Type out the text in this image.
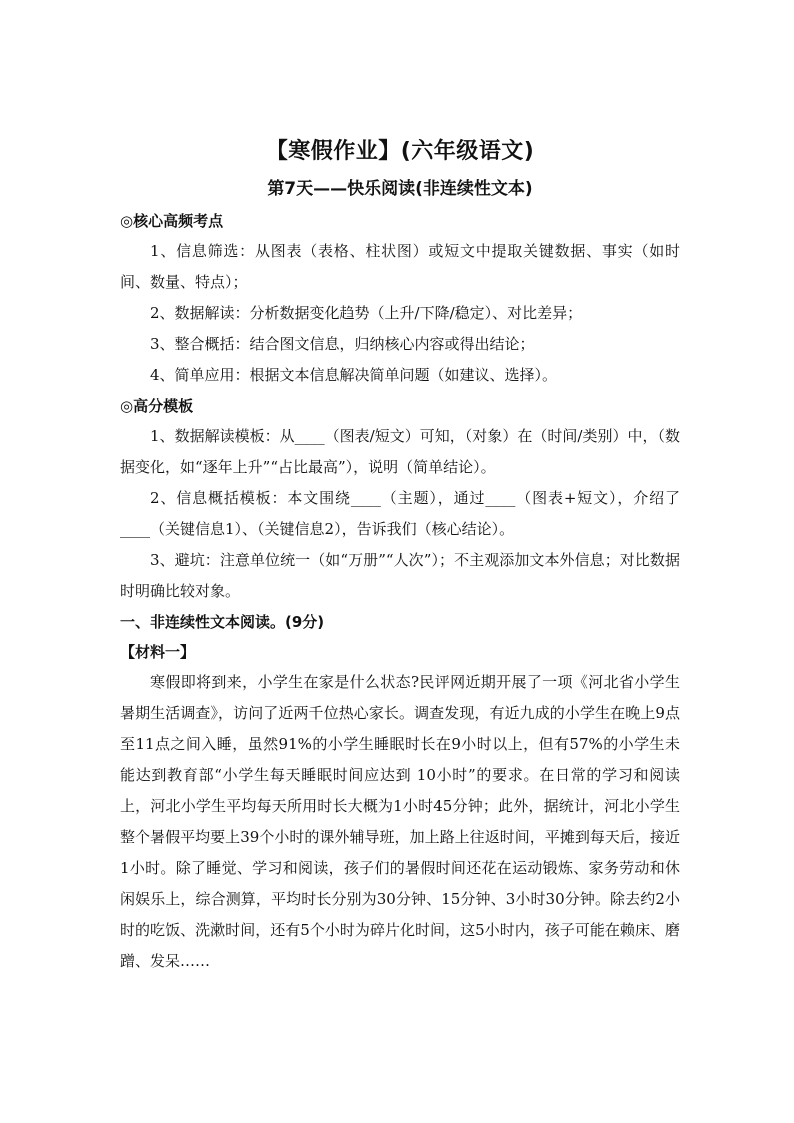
【寒假作业】(六年级语文)
第7天——快乐阅读(非连续性文本)

◎核心高频考点

1、信息筛选：从图表（表格、柱状图）或短文中提取关键数据、事实（如时间、数量、特点）；

2、数据解读：分析数据变化趋势（上升/下降/稳定）、对比差异；

3、整合概括：结合图文信息，归纳核心内容或得出结论；

4、简单应用：根据文本信息解决简单问题（如建议、选择）。

◎高分模板

1、数据解读模板：从____（图表/短文）可知，（对象）在（时间/类别）中，（数据变化，如“逐年上升”“占比最高”），说明（简单结论）。

2、信息概括模板：本文围绕____（主题），通过____（图表+短文），介绍了____（关键信息1）、（关键信息2），告诉我们（核心结论）。

3、避坑：注意单位统一（如“万册”“人次”）；不主观添加文本外信息；对比数据时明确比较对象。

一、非连续性文本阅读。(9分)

【材料一】

寒假即将到来，小学生在家是什么状态?民评网近期开展了一项《河北省小学生暑期生活调查》，访问了近两千位热心家长。调查发现，有近九成的小学生在晚上9点至11点之间入睡，虽然91%的小学生睡眠时长在9小时以上，但有57%的小学生未能达到教育部“小学生每天睡眠时间应达到 10小时”的要求。在日常的学习和阅读上，河北小学生平均每天所用时长大概为1小时45分钟；此外，据统计，河北小学生整个暑假平均要上39个小时的课外辅导班，加上路上往返时间，平摊到每天后，接近1小时。除了睡觉、学习和阅读，孩子们的暑假时间还花在运动锻炼、家务劳动和休闲娱乐上，综合测算，平均时长分别为30分钟、15分钟、3小时30分钟。除去约2小时的吃饭、洗漱时间，还有5个小时为碎片化时间，这5小时内，孩子可能在赖床、磨蹭、发呆……
